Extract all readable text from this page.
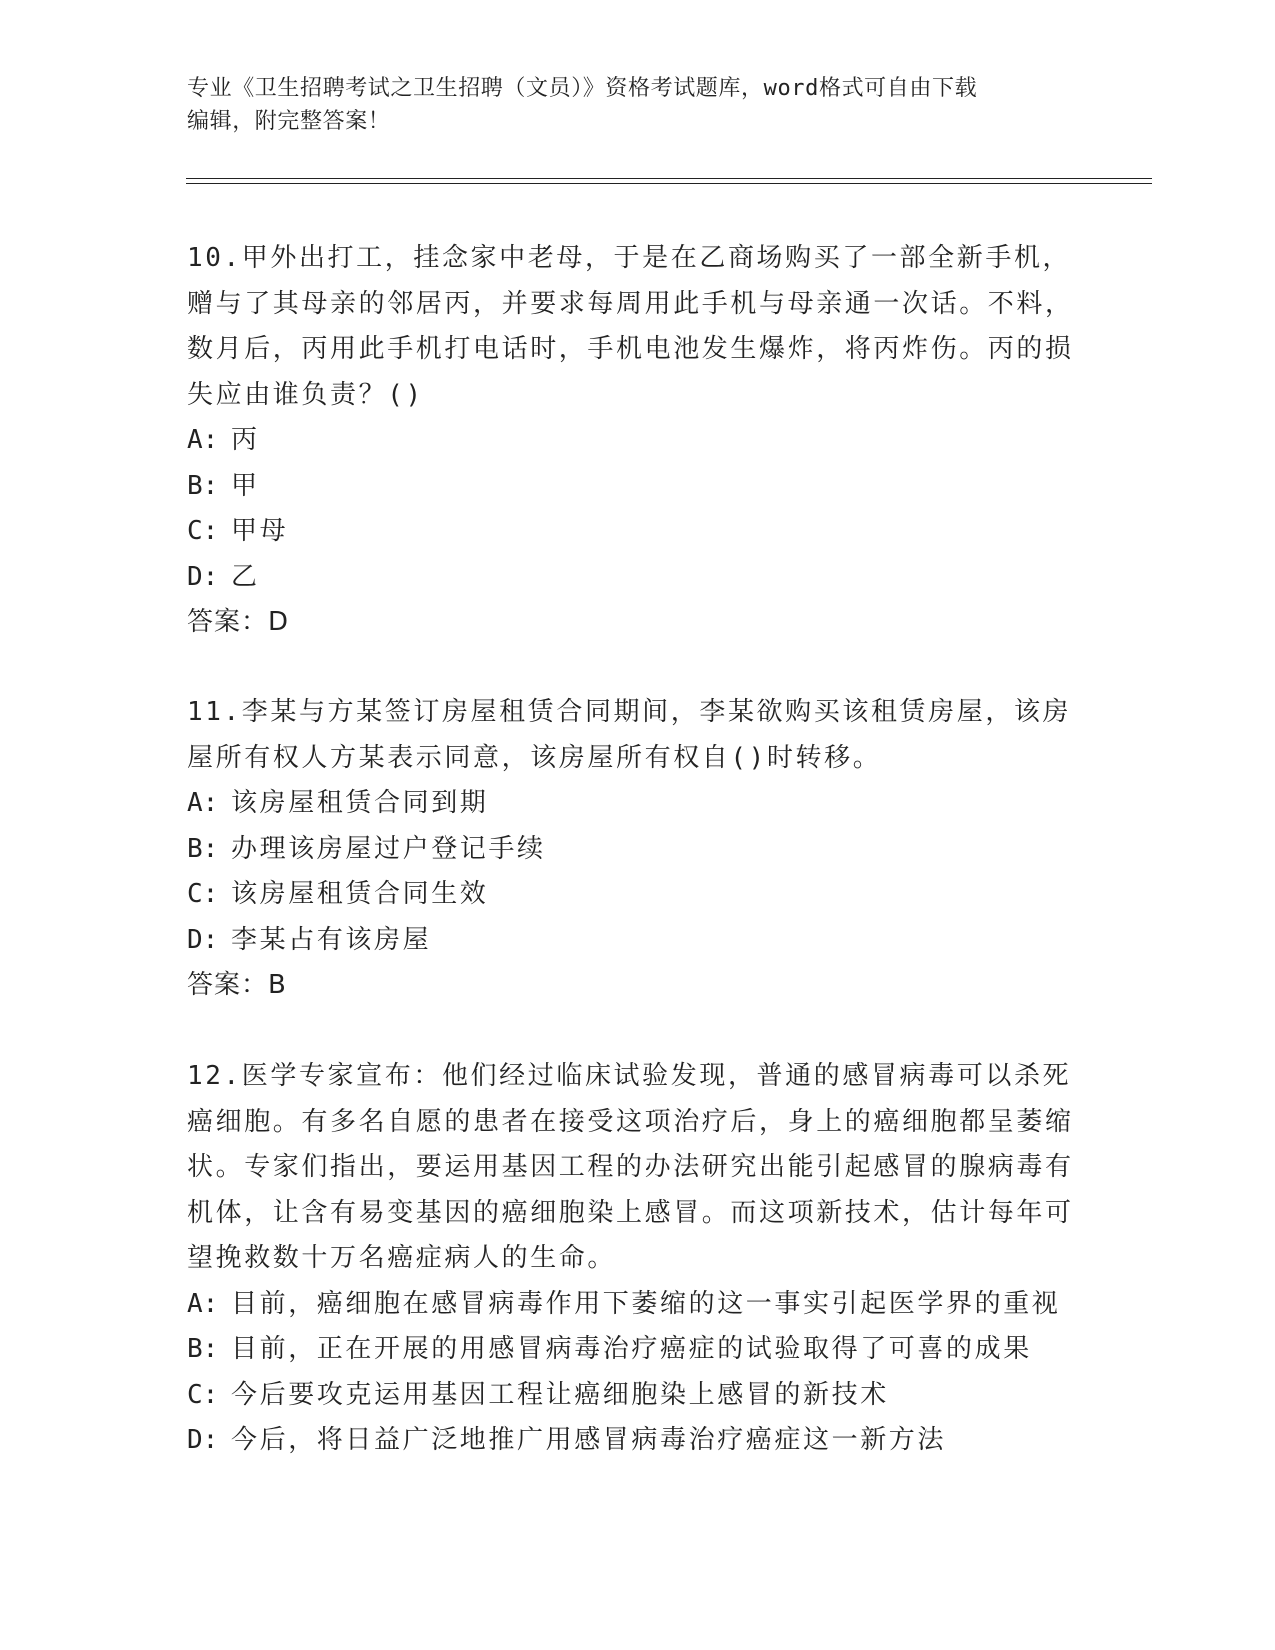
专业《卫生招聘考试之卫生招聘（文员）》资格考试题库，word格式可自由下载
编辑，附完整答案！
10.甲外出打工，挂念家中老母，于是在乙商场购买了一部全新手机，赠与了其母亲的邻居丙，并要求每周用此手机与母亲通一次话。不料，数月后，丙用此手机打电话时，手机电池发生爆炸，将丙炸伤。丙的损失应由谁负责？()
A: 丙
B: 甲
C: 甲母
D: 乙
答案：D
11.李某与方某签订房屋租赁合同期间，李某欲购买该租赁房屋，该房屋所有权人方某表示同意，该房屋所有权自()时转移。
A: 该房屋租赁合同到期
B: 办理该房屋过户登记手续
C: 该房屋租赁合同生效
D: 李某占有该房屋
答案：B
12.医学专家宣布：他们经过临床试验发现，普通的感冒病毒可以杀死癌细胞。有多名自愿的患者在接受这项治疗后，身上的癌细胞都呈萎缩状。专家们指出，要运用基因工程的办法研究出能引起感冒的腺病毒有机体，让含有易变基因的癌细胞染上感冒。而这项新技术，估计每年可望挽救数十万名癌症病人的生命。
A: 目前，癌细胞在感冒病毒作用下萎缩的这一事实引起医学界的重视
B: 目前，正在开展的用感冒病毒治疗癌症的试验取得了可喜的成果
C: 今后要攻克运用基因工程让癌细胞染上感冒的新技术
D: 今后，将日益广泛地推广用感冒病毒治疗癌症这一新方法
